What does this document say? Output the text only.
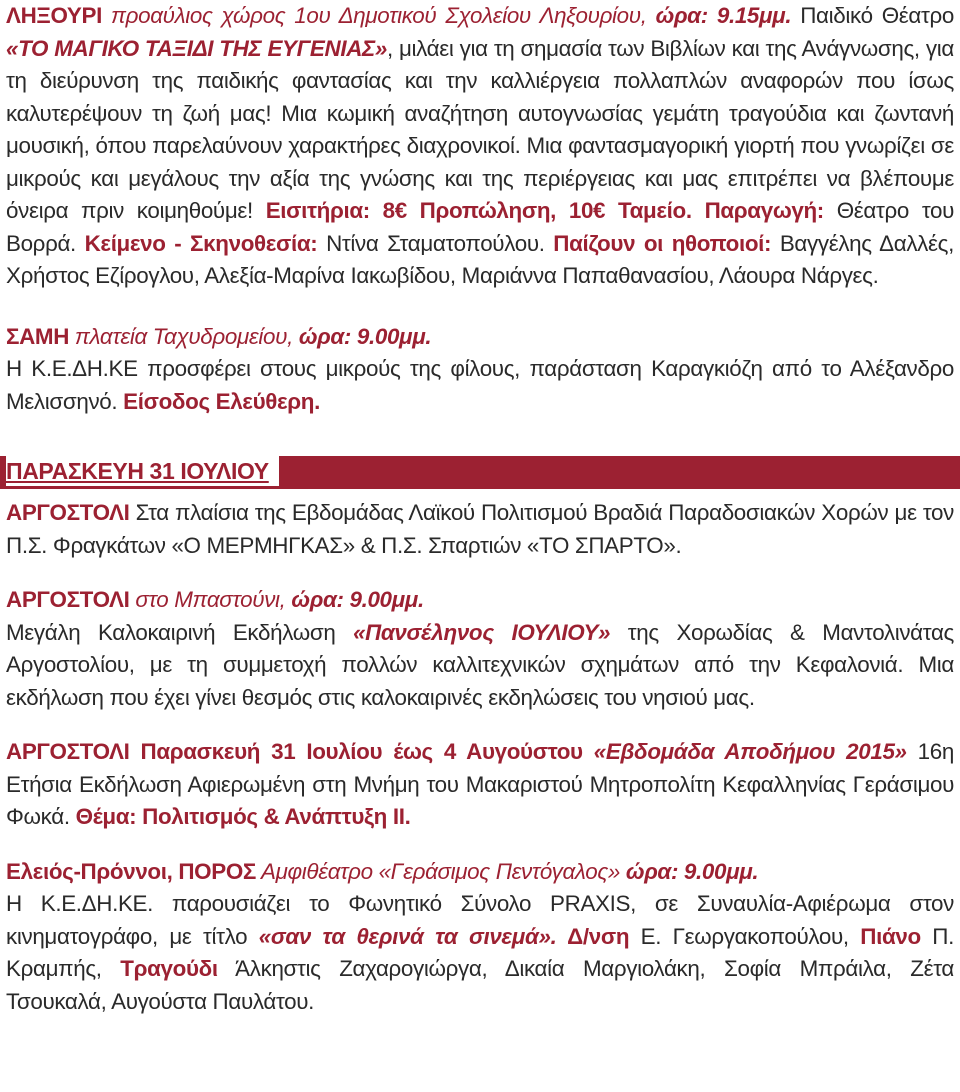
ΛΗΞΟΥΡΙ προαύλιος χώρος 1ου Δημοτικού Σχολείου Ληξουρίου, ώρα: 9.15μμ. Παιδικό Θέατρο «ΤΟ ΜΑΓΙΚΟ ΤΑΞΙΔΙ ΤΗΣ ΕΥΓΕΝΙΑΣ», μιλάει για τη σημασία των Βιβλίων και της Ανάγνωσης, για τη διεύρυνση της παιδικής φαντασίας και την καλλιέργεια πολλαπλών αναφορών που ίσως καλυτερέψουν τη ζωή μας! Μια κωμική αναζήτηση αυτογνωσίας γεμάτη τραγούδια και ζωντανή μουσική, όπου παρελαύνουν χαρακτήρες διαχρονικοί. Μια φαντασμαγορική γιορτή που γνωρίζει σε μικρούς και μεγάλους την αξία της γνώσης και της περιέργειας και μας επιτρέπει να βλέπουμε όνειρα πριν κοιμηθούμε! Εισιτήρια: 8€ Προπώληση, 10€ Ταμείο. Παραγωγή: Θέατρο του Βορρά. Κείμενο - Σκηνοθεσία: Ντίνα Σταματοπούλου. Παίζουν οι ηθοποιοί: Βαγγέλης Δαλλές, Χρήστος Εζίρογλου, Αλεξία-Μαρίνα Ιακωβίδου, Μαριάννα Παπαθανασίου, Λάουρα Νάργες.

ΣΑΜΗ πλατεία Ταχυδρομείου, ώρα: 9.00μμ.
Η Κ.Ε.ΔΗ.ΚΕ προσφέρει στους μικρούς της φίλους, παράσταση Καραγκιόζη από το Αλέξανδρο Μελισσηνό. Είσοδος Ελεύθερη.

ΠΑΡΑΣΚΕΥΗ 31 ΙΟΥΛΙΟΥ

ΑΡΓΟΣΤΟΛΙ Στα πλαίσια της Εβδομάδας Λαϊκού Πολιτισμού Βραδιά Παραδοσιακών Χορών με τον Π.Σ. Φραγκάτων «Ο ΜΕΡΜΗΓΚΑΣ» & Π.Σ. Σπαρτιών «ΤΟ ΣΠΑΡΤΟ».

ΑΡΓΟΣΤΟΛΙ στο Μπαστούνι, ώρα: 9.00μμ.
Μεγάλη Καλοκαιρινή Εκδήλωση «Πανσέληνος ΙΟΥΛΙΟΥ» της Χορωδίας & Μαντολινάτας Αργοστολίου, με τη συμμετοχή πολλών καλλιτεχνικών σχημάτων από την Κεφαλονιά. Μια εκδήλωση που έχει γίνει θεσμός στις καλοκαιρινές εκδηλώσεις του νησιού μας.

ΑΡΓΟΣΤΟΛΙ Παρασκευή 31 Ιουλίου έως 4 Αυγούστου «Εβδομάδα Αποδήμου 2015» 16η Ετήσια Εκδήλωση Αφιερωμένη στη Μνήμη του Μακαριστού Μητροπολίτη Κεφαλληνίας Γεράσιμου Φωκά. Θέμα: Πολιτισμός & Ανάπτυξη ΙΙ.

Ελειός-Πρόννοι, ΠΟΡΟΣ Αμφιθέατρο «Γεράσιμος Πεντόγαλος» ώρα: 9.00μμ.
Η Κ.Ε.ΔΗ.ΚΕ. παρουσιάζει το Φωνητικό Σύνολο PRAXIS, σε Συναυλία-Αφιέρωμα στον κινηματογράφο, με τίτλο «σαν τα θερινά τα σινεμά». Δ/νση Ε. Γεωργακοπούλου, Πιάνο Π. Κραμπής, Τραγούδι Άλκηστις Ζαχαρογιώργα, Δικαία Μαργιολάκη, Σοφία Μπράιλα, Ζέτα Τσουκαλά, Αυγούστα Παυλάτου.
